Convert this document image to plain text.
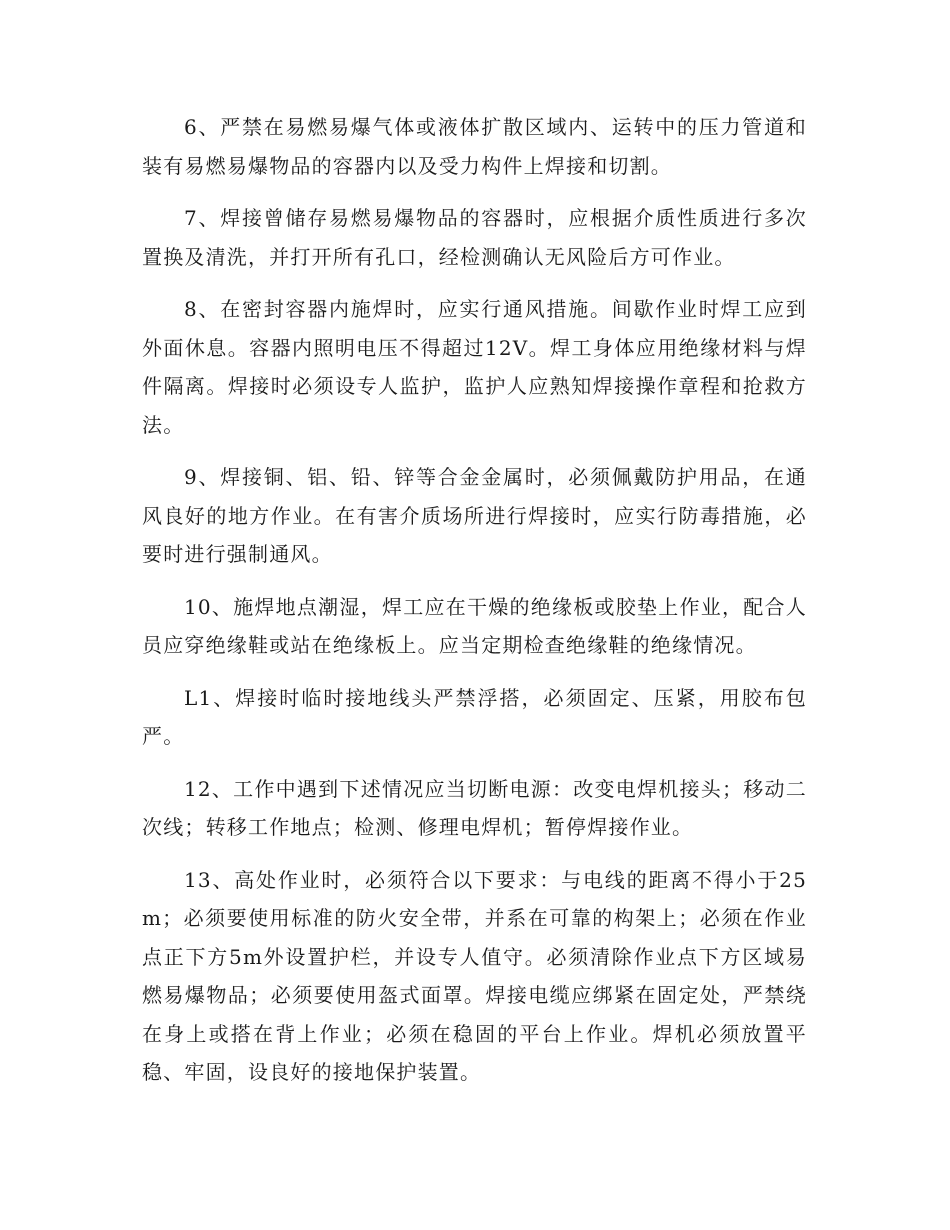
6、严禁在易燃易爆气体或液体扩散区域内、运转中的压力管道和装有易燃易爆物品的容器内以及受力构件上焊接和切割。

7、焊接曾储存易燃易爆物品的容器时，应根据介质性质进行多次置换及清洗，并打开所有孔口，经检测确认无风险后方可作业。

8、在密封容器内施焊时，应实行通风措施。间歇作业时焊工应到外面休息。容器内照明电压不得超过12V。焊工身体应用绝缘材料与焊件隔离。焊接时必须设专人监护，监护人应熟知焊接操作章程和抢救方法。

9、焊接铜、铝、铅、锌等合金金属时，必须佩戴防护用品，在通风良好的地方作业。在有害介质场所进行焊接时，应实行防毒措施，必要时进行强制通风。

10、施焊地点潮湿，焊工应在干燥的绝缘板或胶垫上作业，配合人员应穿绝缘鞋或站在绝缘板上。应当定期检查绝缘鞋的绝缘情况。

L1、焊接时临时接地线头严禁浮搭，必须固定、压紧，用胶布包严。

12、工作中遇到下述情况应当切断电源：改变电焊机接头；移动二次线；转移工作地点；检测、修理电焊机；暂停焊接作业。

13、高处作业时，必须符合以下要求：与电线的距离不得小于25m；必须要使用标准的防火安全带，并系在可靠的构架上；必须在作业点正下方5m外设置护栏，并设专人值守。必须清除作业点下方区域易燃易爆物品；必须要使用盔式面罩。焊接电缆应绑紧在固定处，严禁绕在身上或搭在背上作业；必须在稳固的平台上作业。焊机必须放置平稳、牢固，设良好的接地保护装置。
